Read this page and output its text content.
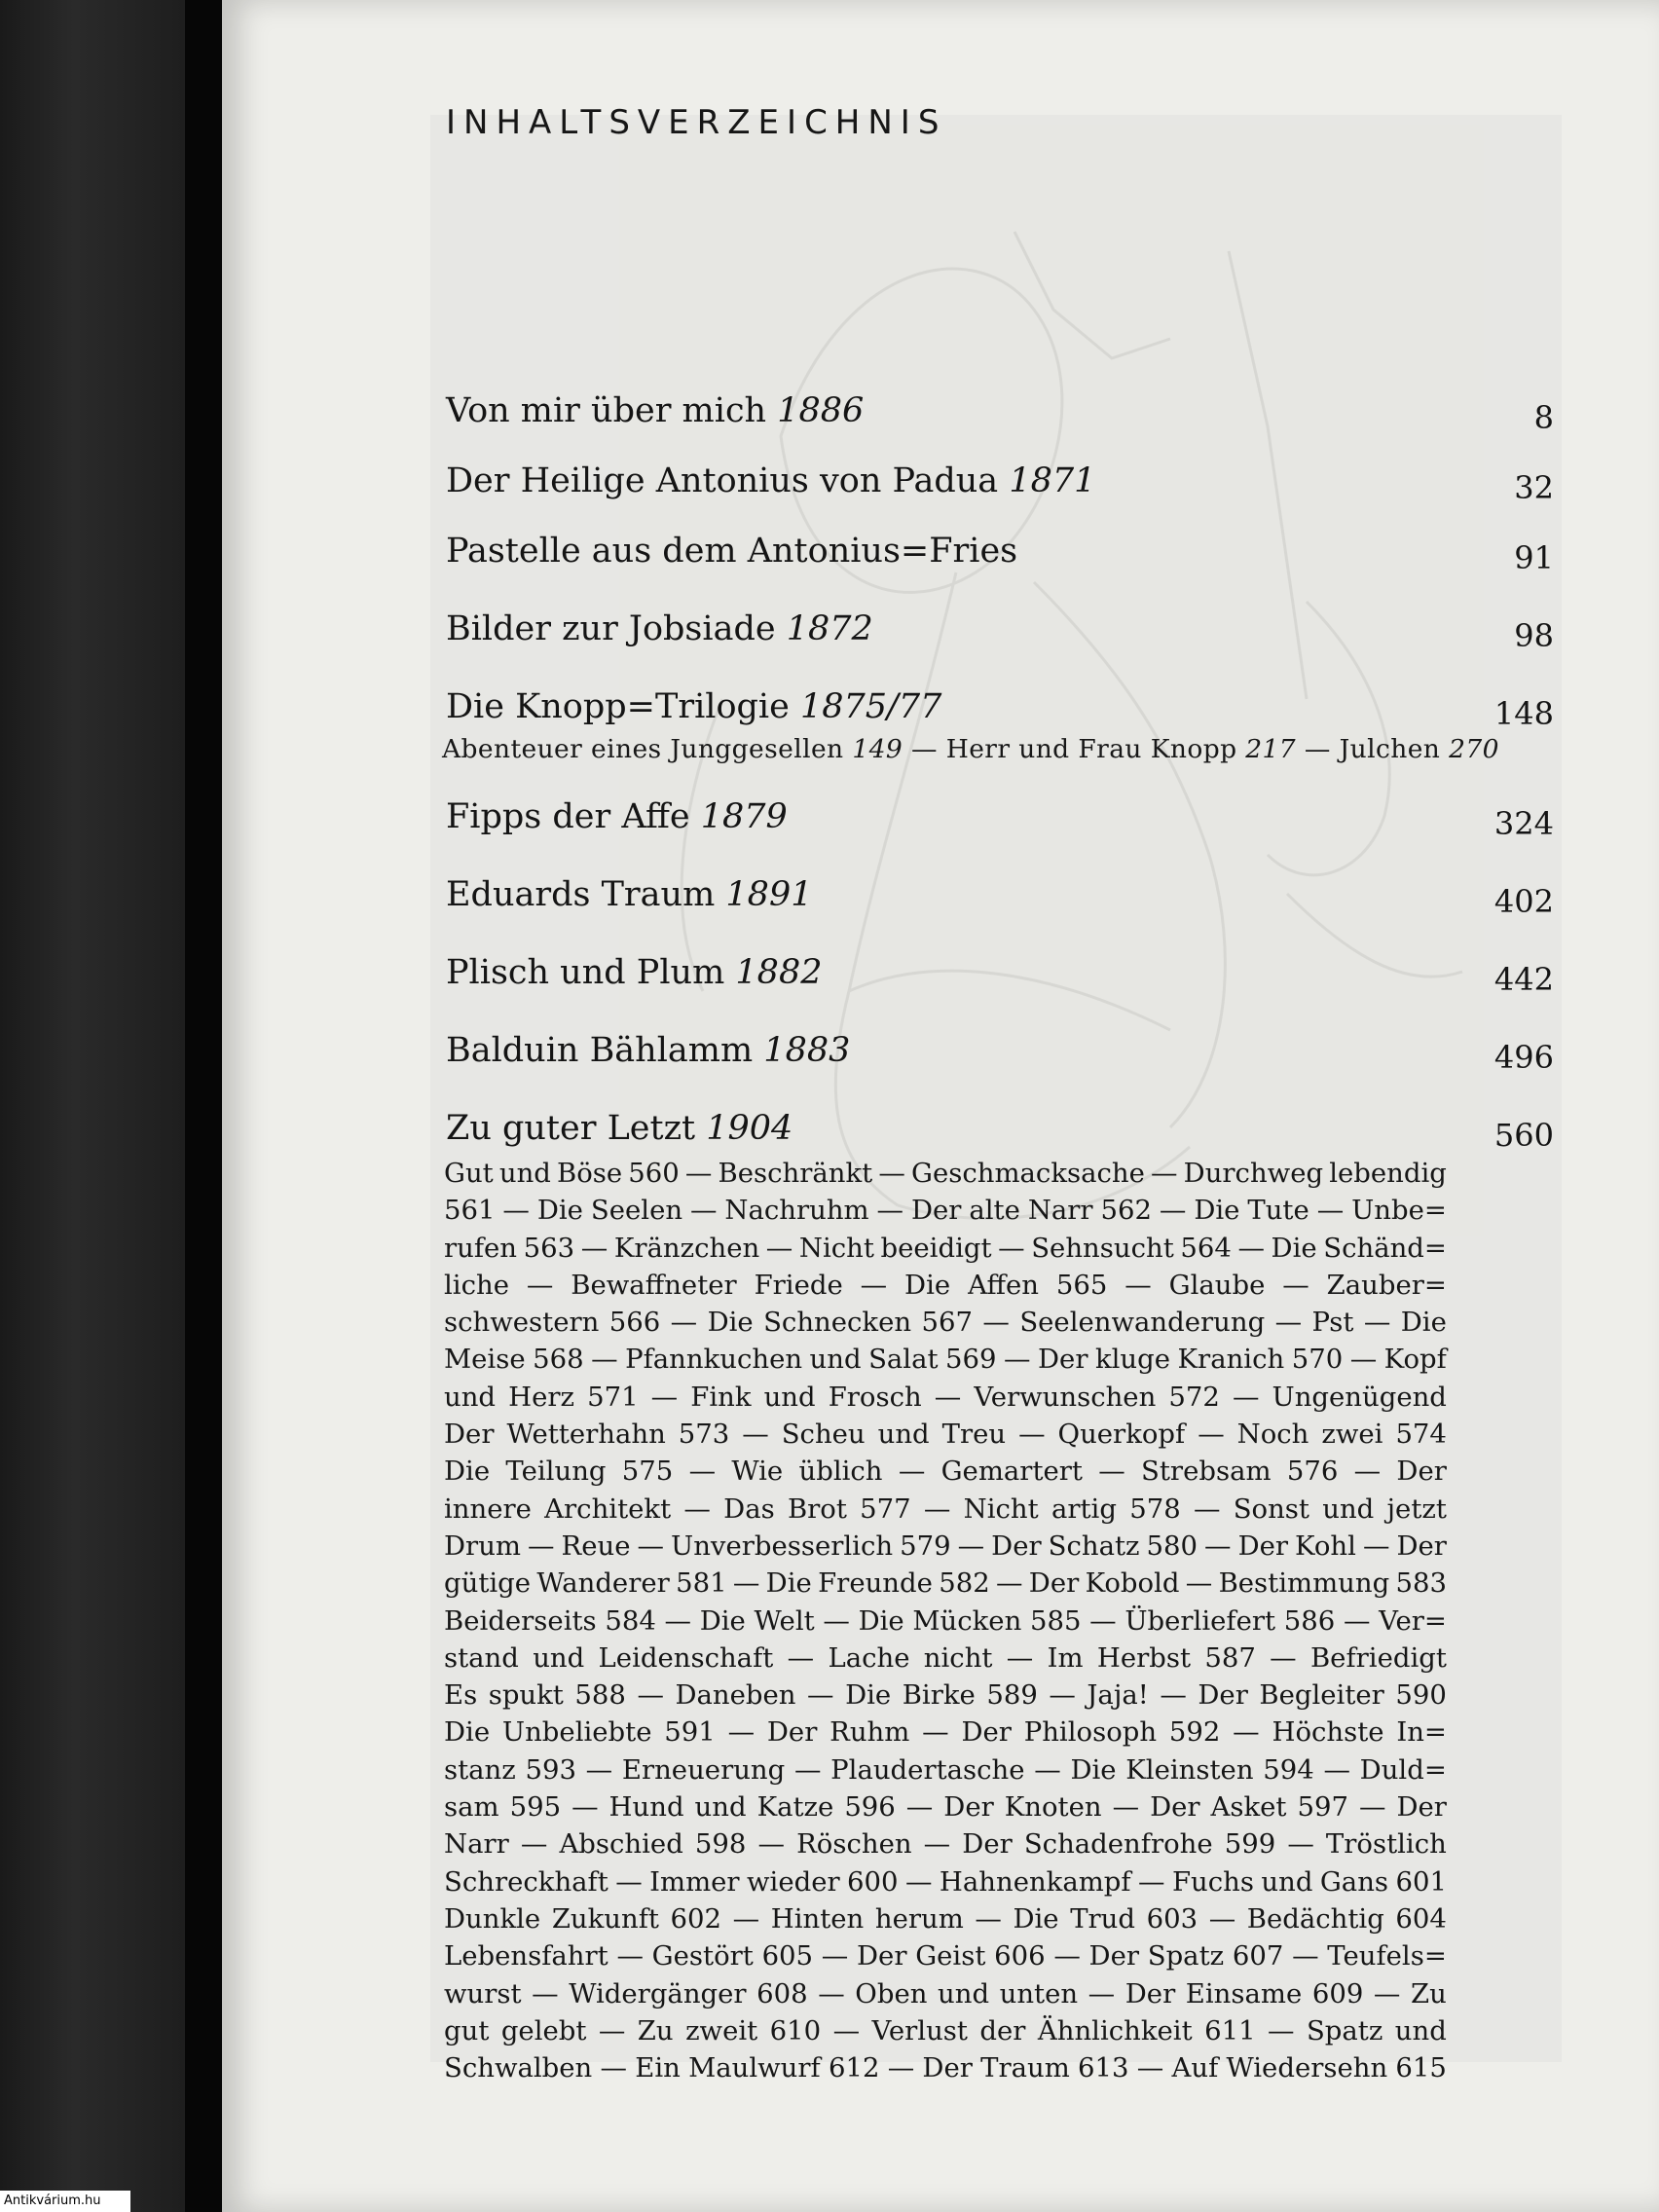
INHALTSVERZEICHNIS
Von mir über mich 1886	8
Der Heilige Antonius von Padua 1871	32
Pastelle aus dem Antonius=Fries	91
Bilder zur Jobsiade 1872	98
Die Knopp=Trilogie 1875/77	148
Abenteuer eines Junggesellen 149 — Herr und Frau Knopp 217 — Julchen 270
Fipps der Affe 1879	324
Eduards Traum 1891	402
Plisch und Plum 1882	442
Balduin Bählamm 1883	496
Zu guter Letzt 1904	560
Gut und Böse 560 — Beschränkt — Geschmacksache — Durchweg lebendig
561 — Die Seelen — Nachruhm — Der alte Narr 562 — Die Tute — Unbe=
rufen 563 — Kränzchen — Nicht beeidigt — Sehnsucht 564 — Die Schänd=
liche — Bewaffneter Friede — Die Affen 565 — Glaube — Zauber=
schwestern 566 — Die Schnecken 567 — Seelenwanderung — Pst — Die
Meise 568 — Pfannkuchen und Salat 569 — Der kluge Kranich 570 — Kopf
und Herz 571 — Fink und Frosch — Verwunschen 572 — Ungenügend
Der Wetterhahn 573 — Scheu und Treu — Querkopf — Noch zwei 574
Die Teilung 575 — Wie üblich — Gemartert — Strebsam 576 — Der
innere Architekt — Das Brot 577 — Nicht artig 578 — Sonst und jetzt
Drum — Reue — Unverbesserlich 579 — Der Schatz 580 — Der Kohl — Der
gütige Wanderer 581 — Die Freunde 582 — Der Kobold — Bestimmung 583
Beiderseits 584 — Die Welt — Die Mücken 585 — Überliefert 586 — Ver=
stand und Leidenschaft — Lache nicht — Im Herbst 587 — Befriedigt
Es spukt 588 — Daneben — Die Birke 589 — Jaja! — Der Begleiter 590
Die Unbeliebte 591 — Der Ruhm — Der Philosoph 592 — Höchste In=
stanz 593 — Erneuerung — Plaudertasche — Die Kleinsten 594 — Duld=
sam 595 — Hund und Katze 596 — Der Knoten — Der Asket 597 — Der
Narr — Abschied 598 — Röschen — Der Schadenfrohe 599 — Tröstlich
Schreckhaft — Immer wieder 600 — Hahnenkampf — Fuchs und Gans 601
Dunkle Zukunft 602 — Hinten herum — Die Trud 603 — Bedächtig 604
Lebensfahrt — Gestört 605 — Der Geist 606 — Der Spatz 607 — Teufels=
wurst — Widergänger 608 — Oben und unten — Der Einsame 609 — Zu
gut gelebt — Zu zweit 610 — Verlust der Ähnlichkeit 611 — Spatz und
Schwalben — Ein Maulwurf 612 — Der Traum 613 — Auf Wiedersehn 615
Antikvárium.hu
